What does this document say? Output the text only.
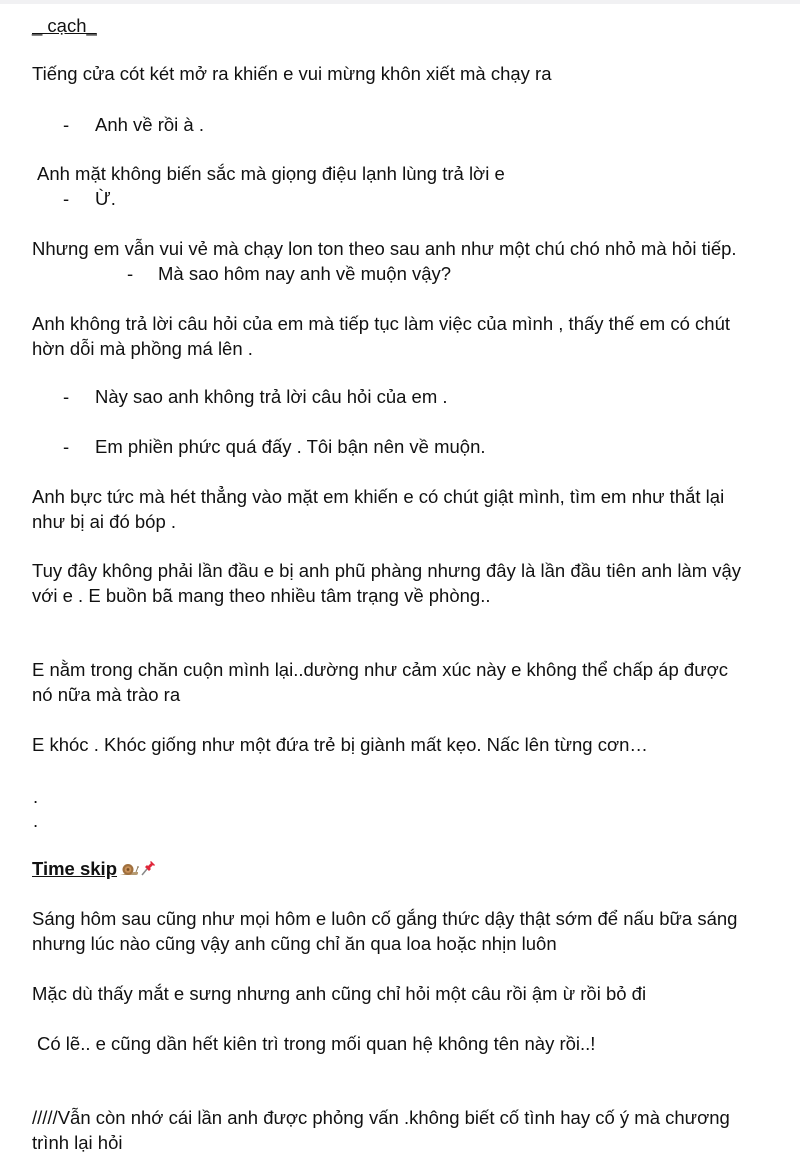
_ cạch_
Tiếng cửa cót két mở ra khiến e vui mừng khôn xiết mà chạy ra
- Anh về rồi à .
Anh mặt không biến sắc mà giọng điệu lạnh lùng trả lời e
- Ừ.
Nhưng em vẫn vui vẻ mà chạy lon ton theo sau anh như một chú chó nhỏ mà hỏi tiếp.
- Mà sao hôm nay anh về muộn vậy?
Anh không trả lời câu hỏi của em mà tiếp tục làm việc của mình , thấy thế em có chút
hờn dỗi mà phồng má lên .
- Này sao anh không trả lời câu hỏi của em .
- Em phiền phức quá đấy . Tôi bận nên về muộn.
Anh bực tức mà hét thẳng vào mặt em khiến e có chút giật mình, tìm em như thắt lại
như bị ai đó bóp .
Tuy đây không phải lần đầu e bị anh phũ phàng nhưng đây là lần đầu tiên anh làm vậy
với e . E buồn bã mang theo nhiều tâm trạng về phòng..
E nằm trong chăn cuộn mình lại..dường như cảm xúc này e không thể chấp áp được
nó nữa mà trào ra
E khóc . Khóc giống như một đứa trẻ bị giành mất kẹo. Nấc lên từng cơn…
.
.
Time skip
Sáng hôm sau cũng như mọi hôm e luôn cố gắng thức dậy thật sớm để nấu bữa sáng
nhưng lúc nào cũng vậy anh cũng chỉ ăn qua loa hoặc nhịn luôn
Mặc dù thấy mắt e sưng nhưng anh cũng chỉ hỏi một câu rồi ậm ừ rồi bỏ đi
Có lẽ.. e cũng dần hết kiên trì trong mối quan hệ không tên này rồi..!
/////Vẫn còn nhớ cái lần anh được phỏng vấn .không biết cố tình hay cố ý mà chương
trình lại hỏi
